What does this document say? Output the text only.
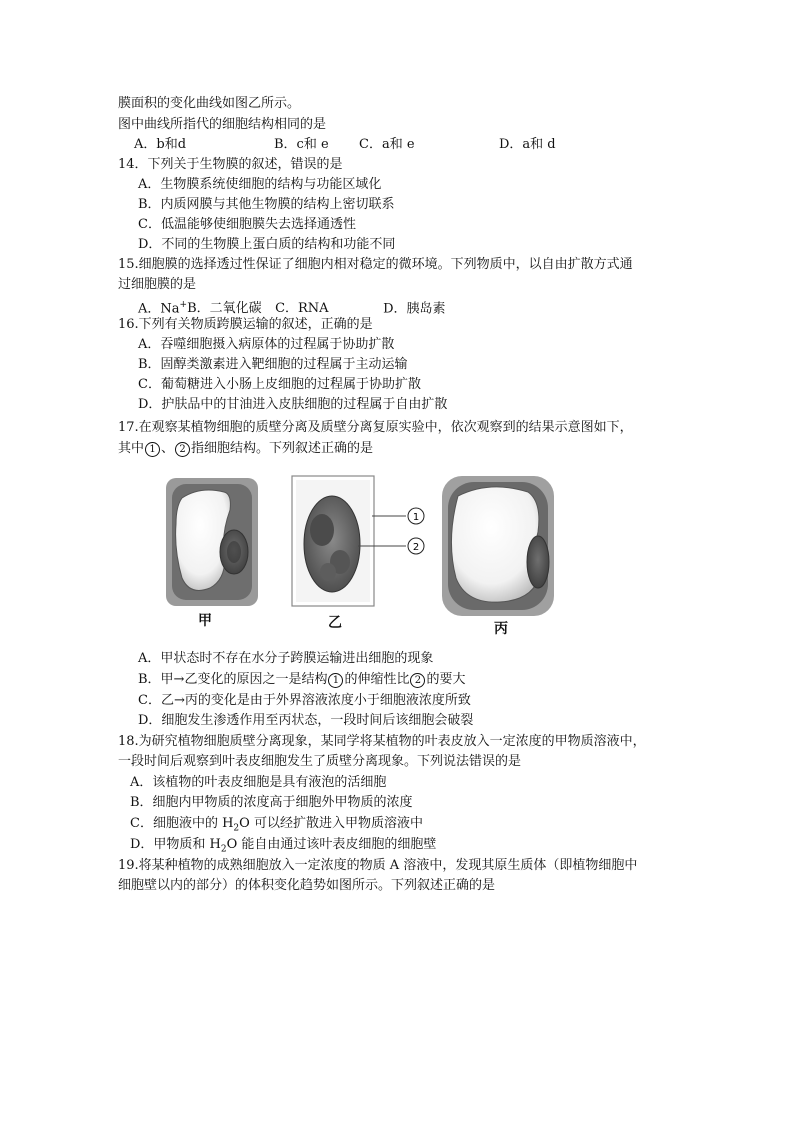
膜面积的变化曲线如图乙所示。
图中曲线所指代的细胞结构相同的是
A．b和d	B．c和 e C．a和 e	D．a和 d
14．下列关于生物膜的叙述，错误的是
A．生物膜系统使细胞的结构与功能区域化
B．内质网膜与其他生物膜的结构上密切联系
C．低温能够使细胞膜失去选择通透性
D．不同的生物膜上蛋白质的结构和功能不同
15.细胞膜的选择透过性保证了细胞内相对稳定的微环境。下列物质中，以自由扩散方式通
过细胞膜的是
A．Na+B．二氧化碳 C．RNA	D．胰岛素
16.下列有关物质跨膜运输的叙述，正确的是
A．吞噬细胞摄入病原体的过程属于协助扩散
B．固醇类激素进入靶细胞的过程属于主动运输
C．葡萄糖进入小肠上皮细胞的过程属于协助扩散
D．护肤品中的甘油进入皮肤细胞的过程属于自由扩散
17.在观察某植物细胞的质壁分离及质壁分离复原实验中，依次观察到的结果示意图如下，
其中 1 、 2 指细胞结构。下列叙述正确的是
1
2
甲	乙	丙
A．甲状态时不存在水分子跨膜运输进出细胞的现象
B．甲→乙变化的原因之一是结构 1 的伸缩性比 2 的要大
C．乙→丙的变化是由于外界溶液浓度小于细胞液浓度所致
D．细胞发生渗透作用至丙状态，一段时间后该细胞会破裂
18.为研究植物细胞质壁分离现象，某同学将某植物的叶表皮放入一定浓度的甲物质溶液中，
一段时间后观察到叶表皮细胞发生了质壁分离现象。下列说法错误的是
A．该植物的叶表皮细胞是具有液泡的活细胞
B．细胞内甲物质的浓度高于细胞外甲物质的浓度
C．细胞液中的 $H_2O$ 可以经扩散进入甲物质溶液中
D．甲物质和 $H_2O$ 能自由通过该叶表皮细胞的细胞壁
19.将某种植物的成熟细胞放入一定浓度的物质 A 溶液中，发现其原生质体（即植物细胞中
细胞壁以内的部分）的体积变化趋势如图所示。下列叙述正确的是
